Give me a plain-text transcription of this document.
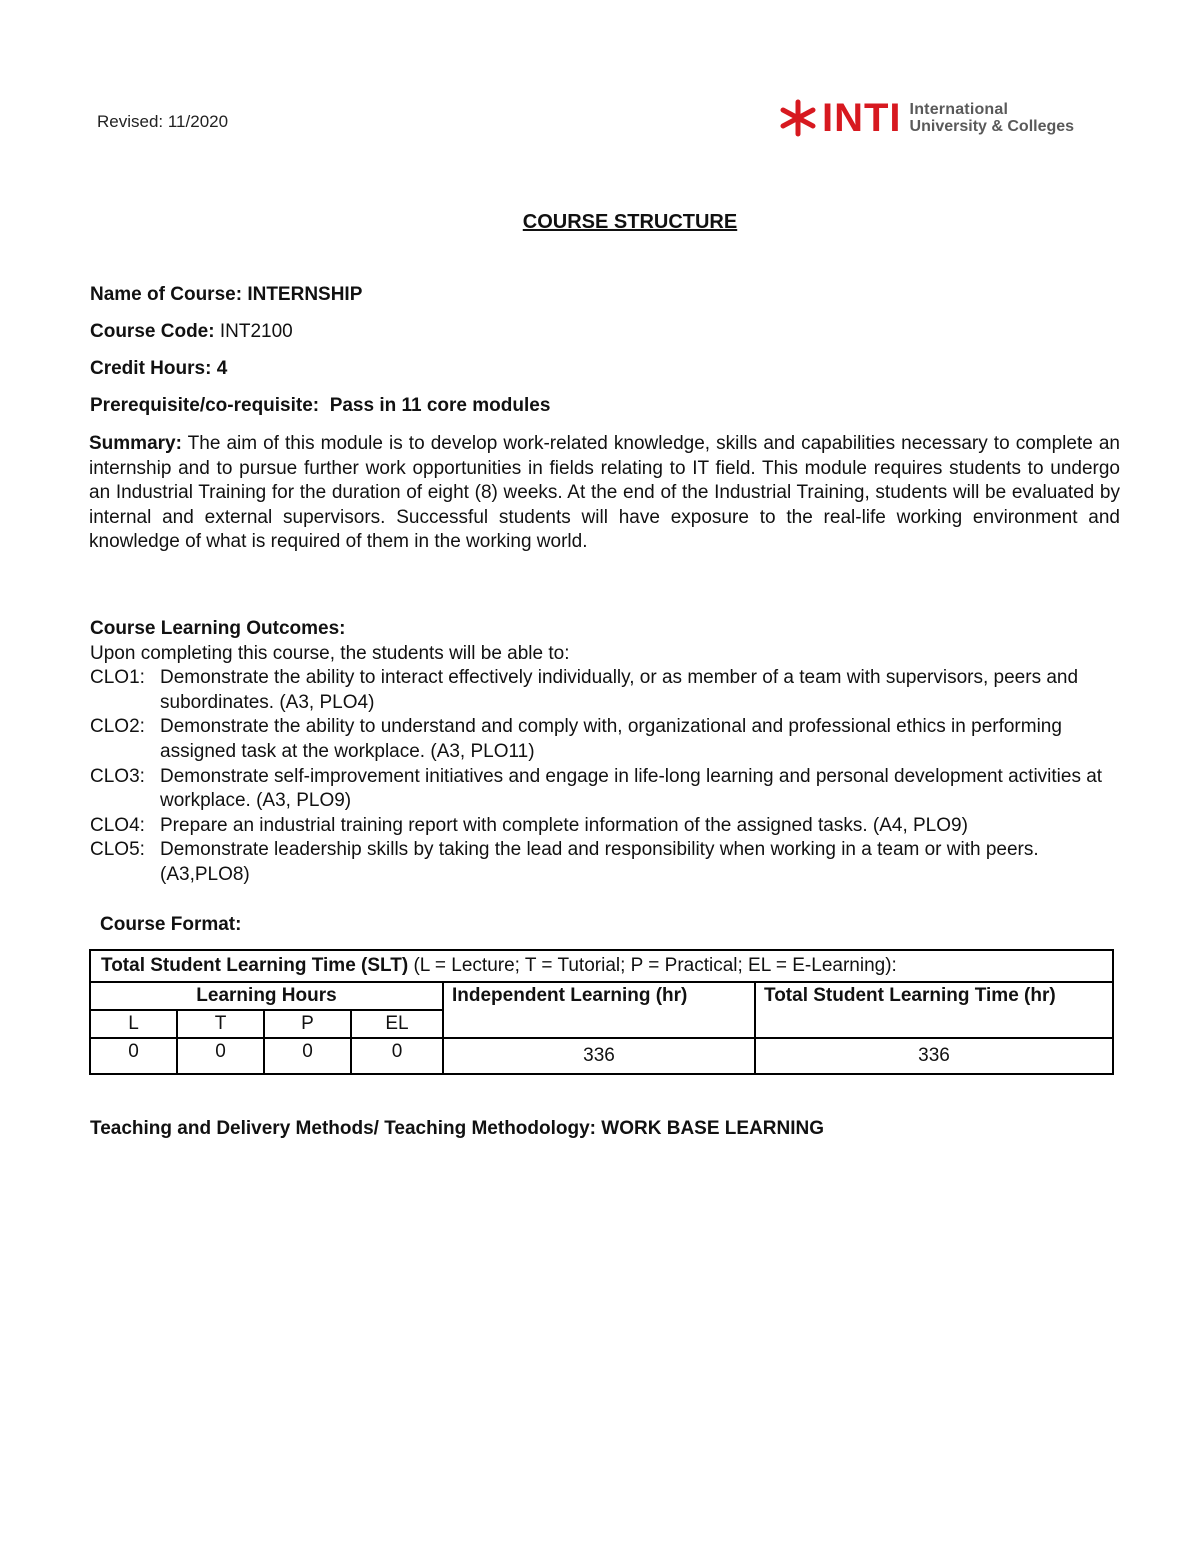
Revised: 11/2020	INTI International
University & Colleges
COURSE STRUCTURE
Name of Course: INTERNSHIP
Course Code: INT2100
Credit Hours: 4
Prerequisite/co-requisite: Pass in 11 core modules
Summary: The aim of this module is to develop work-related knowledge, skills and capabilities necessary to complete an internship and to pursue further work opportunities in fields relating to IT field. This module requires students to undergo an Industrial Training for the duration of eight (8) weeks. At the end of the Industrial Training, students will be evaluated by internal and external supervisors. Successful students will have exposure to the real-life working environment and knowledge of what is required of them in the working world.
Course Learning Outcomes:
Upon completing this course, the students will be able to:
CLO1: Demonstrate the ability to interact effectively individually, or as member of a team with supervisors, peers and subordinates. (A3, PLO4)
CLO2: Demonstrate the ability to understand and comply with, organizational and professional ethics in performing assigned task at the workplace. (A3, PLO11)
CLO3: Demonstrate self-improvement initiatives and engage in life-long learning and personal development activities at workplace. (A3, PLO9)
CLO4: Prepare an industrial training report with complete information of the assigned tasks. (A4, PLO9)
CLO5: Demonstrate leadership skills by taking the lead and responsibility when working in a team or with peers. (A3,PLO8)
Course Format:
Total Student Learning Time (SLT) (L = Lecture; T = Tutorial; P = Practical; EL = E-Learning):					
Learning Hours				Independent Learning (hr)	Total Student Learning Time (hr)
L	T	P	EL		
0	0	0	0	336	336
Teaching and Delivery Methods/ Teaching Methodology: WORK BASE LEARNING
